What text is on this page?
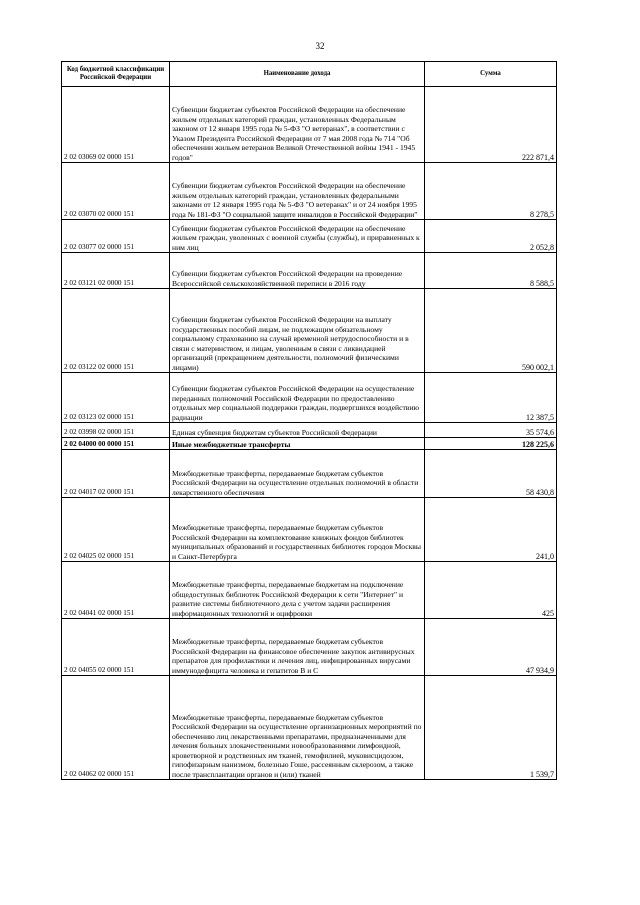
32
Код бюджетной классификации Российской Федерации	Наименование дохода	Сумма
2 02 03069 02 0000 151	Субвенции бюджетам субъектов Российской Федерации на обеспечение жильем отдельных категорий граждан, установленных Федеральным законом от 12 января 1995 года № 5-ФЗ "О ветеранах", в соответствии с Указом Президента Российской Федерации от 7 мая 2008 года № 714 "Об обеспечении жильем ветеранов Великой Отечественной войны 1941 - 1945 годов"	222 871,4
2 02 03070 02 0000 151	Субвенции бюджетам субъектов Российской Федерации на обеспечение жильем отдельных категорий граждан, установленных федеральными законами от 12 января 1995 года № 5-ФЗ "О ветеранах" и от 24 ноября 1995 года № 181-ФЗ "О социальной защите инвалидов в Российской Федерации"	8 278,5
2 02 03077 02 0000 151	Субвенции бюджетам субъектов Российской Федерации на обеспечение жильем граждан, уволенных с военной службы (службы), и приравненных к ним лиц	2 052,8
2 02 03121 02 0000 151	Субвенции бюджетам субъектов Российской Федерации на проведение Всероссийской сельскохозяйственной переписи в 2016 году	8 588,5
2 02 03122 02 0000 151	Субвенции бюджетам субъектов Российской Федерации на выплату государственных пособий лицам, не подлежащим обязательному социальному страхованию на случай временной нетрудоспособности и в связи с материнством, и лицам, уволенным в связи с ликвидацией организаций (прекращением деятельности, полномочий физическими лицами)	590 002,1
2 02 03123 02 0000 151	Субвенции бюджетам субъектов Российской Федерации на осуществление переданных полномочий Российской Федерации по предоставлению отдельных мер социальной поддержки граждан, подвергшихся воздействию радиации	12 387,5
2 02 03998 02 0000 151	Единая субвенция бюджетам субъектов Российской Федерации	35 574,6
2 02 04000 00 0000 151	Иные межбюджетные трансферты	128 225,6
2 02 04017 02 0000 151	Межбюджетные трансферты, передаваемые бюджетам субъектов Российской Федерации на осуществление отдельных полномочий в области лекарственного обеспечения	58 430,8
2 02 04025 02 0000 151	Межбюджетные трансферты, передаваемые бюджетам субъектов Российской Федерации на комплектование книжных фондов библиотек муниципальных образований и государственных библиотек городов Москвы и Санкт-Петербурга	241,0
2 02 04041 02 0000 151	Межбюджетные трансферты, передаваемые бюджетам на подключение общедоступных библиотек Российской Федерации к сети "Интернет" и развитие системы библиотечного дела с учетом задачи расширения информационных технологий и оцифровки	425
2 02 04055 02 0000 151	Межбюджетные трансферты, передаваемые бюджетам субъектов Российской Федерации на финансовое обеспечение закупок антивирусных препаратов для профилактики и лечения лиц, инфицированных вирусами иммунодефицита человека и гепатитов B и C	47 934,9
2 02 04062 02 0000 151	Межбюджетные трансферты, передаваемые бюджетам субъектов Российской Федерации на осуществление организационных мероприятий по обеспечению лиц лекарственными препаратами, предназначенными для лечения больных злокачественными новообразованиями лимфоидной, кроветворной и родственных им тканей, гемофилией, муковисцидозом, гипофизарным нанизмом, болезнью Гоше, рассеянным склерозом, а также после трансплантации органов и (или) тканей	1 539,7
